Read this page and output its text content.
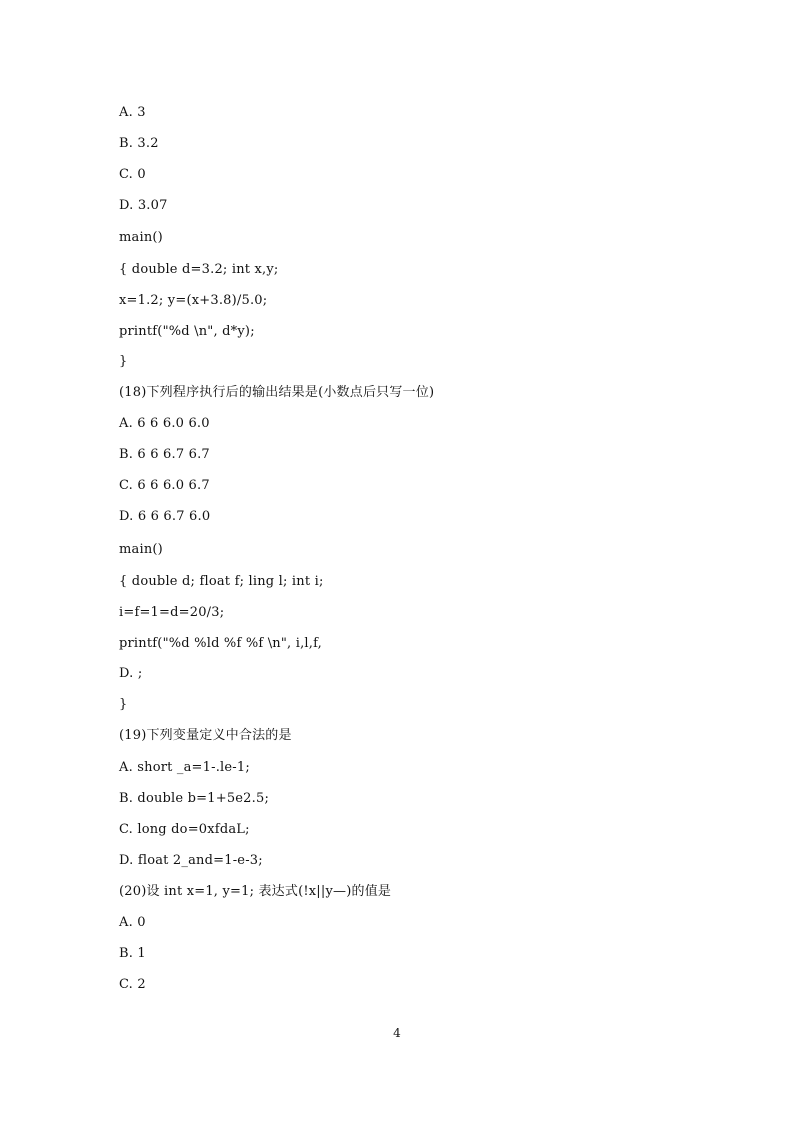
A. 3
B. 3.2
C. 0
D. 3.07
main()
{ double d=3.2; int x,y;
x=1.2; y=(x+3.8)/5.0;
printf("%d \n", d*y);
}
(18)下列程序执行后的输出结果是(小数点后只写一位)
A. 6 6 6.0 6.0
B. 6 6 6.7 6.7
C. 6 6 6.0 6.7
D. 6 6 6.7 6.0
main()
{ double d; float f; ling l; int i;
i=f=1=d=20/3;
printf("%d %ld %f %f \n", i,l,f,
D. ;
}
(19)下列变量定义中合法的是
A. short _a=1-.le-1;
B. double b=1+5e2.5;
C. long do=0xfdaL;
D. float 2_and=1-e-3;
(20)设 int x=1, y=1; 表达式(!x||y—)的值是
A. 0
B. 1
C. 2
4
